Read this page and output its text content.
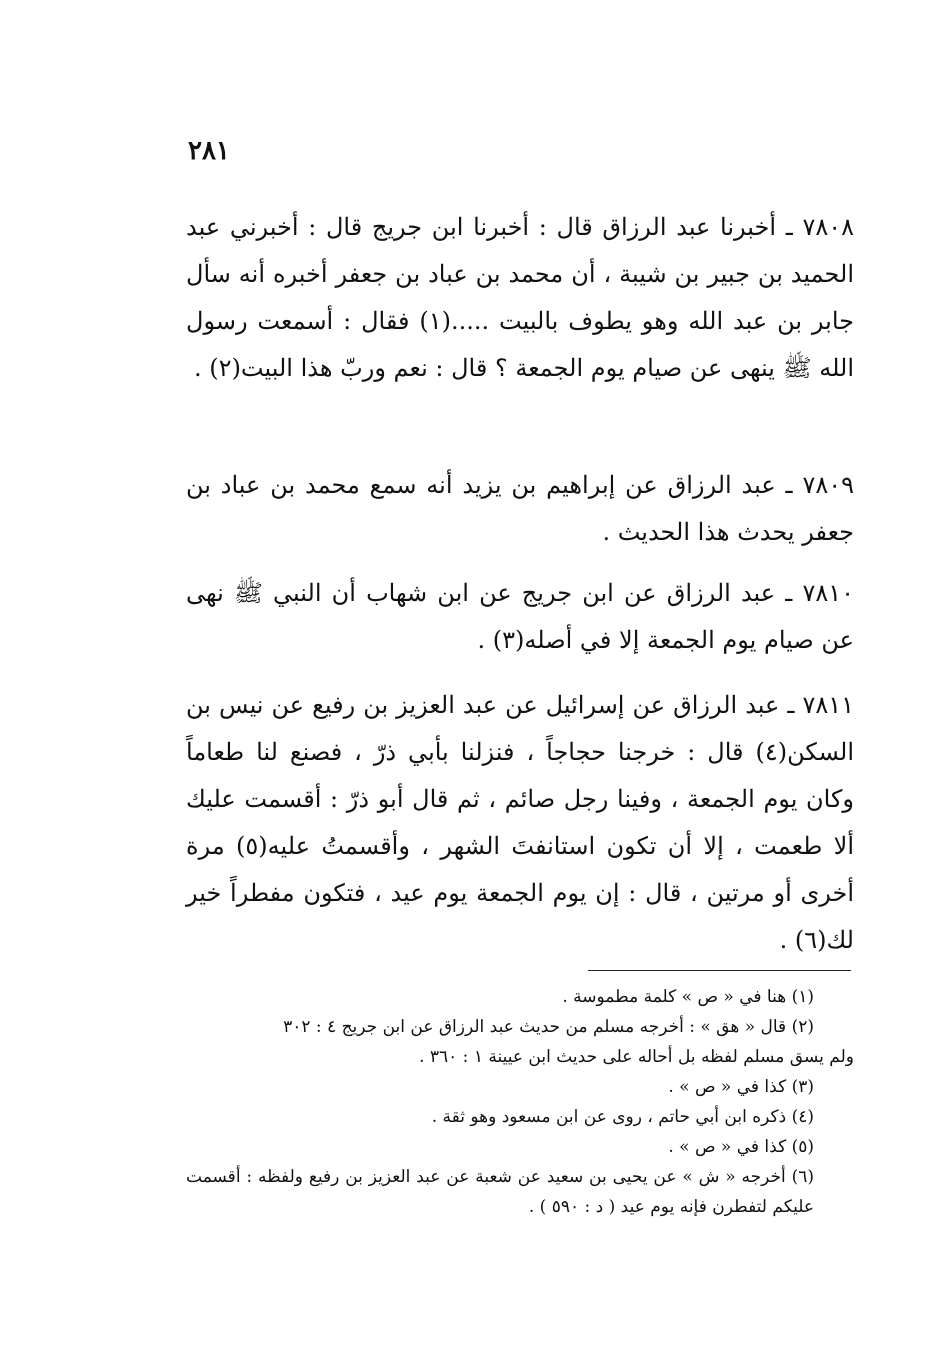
٢٨١

٧٨٠٨ ـ أخبرنا عبد الرزاق قال : أخبرنا ابن جريج قال : أخبرني عبد الحميد بن جبير بن شيبة ، أن محمد بن عباد بن جعفر أخبره أنه سأل جابر بن عبد الله وهو يطوف بالبيت .....(١) فقال : أسمعت رسول الله ﷺ ينهى عن صيام يوم الجمعة ؟ قال : نعم وربّ هذا البيت(٢) .

٧٨٠٩ ـ عبد الرزاق عن إبراهيم بن يزيد أنه سمع محمد بن عباد بن جعفر يحدث هذا الحديث .

٧٨١٠ ـ عبد الرزاق عن ابن جريج عن ابن شهاب أن النبي ﷺ نهى عن صيام يوم الجمعة إلا في أصله(٣) .

٧٨١١ ـ عبد الرزاق عن إسرائيل عن عبد العزيز بن رفيع عن نيس بن السكن(٤) قال : خرجنا حجاجاً ، فنزلنا بأبي ذرّ ، فصنع لنا طعاماً وكان يوم الجمعة ، وفينا رجل صائم ، ثم قال أبو ذرّ : أقسمت عليك ألا طعمت ، إلا أن تكون استانفتَ الشهر ، وأقسمتُ عليه(٥) مرة أخرى أو مرتين ، قال : إن يوم الجمعة يوم عيد ، فتكون مفطراً خير لك(٦) .

(١) هنا في « ص » كلمة مطموسة .

(٢) قال « هق » : أخرجه مسلم من حديث عبد الرزاق عن ابن جريج ٤ : ٣٠٢

ولم يسق مسلم لفظه بل أحاله على حديث ابن عيينة ١ : ٣٦٠ .

(٣) كذا في « ص » .

(٤) ذكره ابن أبي حاتم ، روى عن ابن مسعود وهو ثقة .

(٥) كذا في « ص » .

(٦) أخرجه « ش » عن يحيى بن سعيد عن شعبة عن عبد العزيز بن رفيع ولفظه : أقسمت عليكم لتفطرن فإنه يوم عيد ( د : ٥٩٠ ) .
